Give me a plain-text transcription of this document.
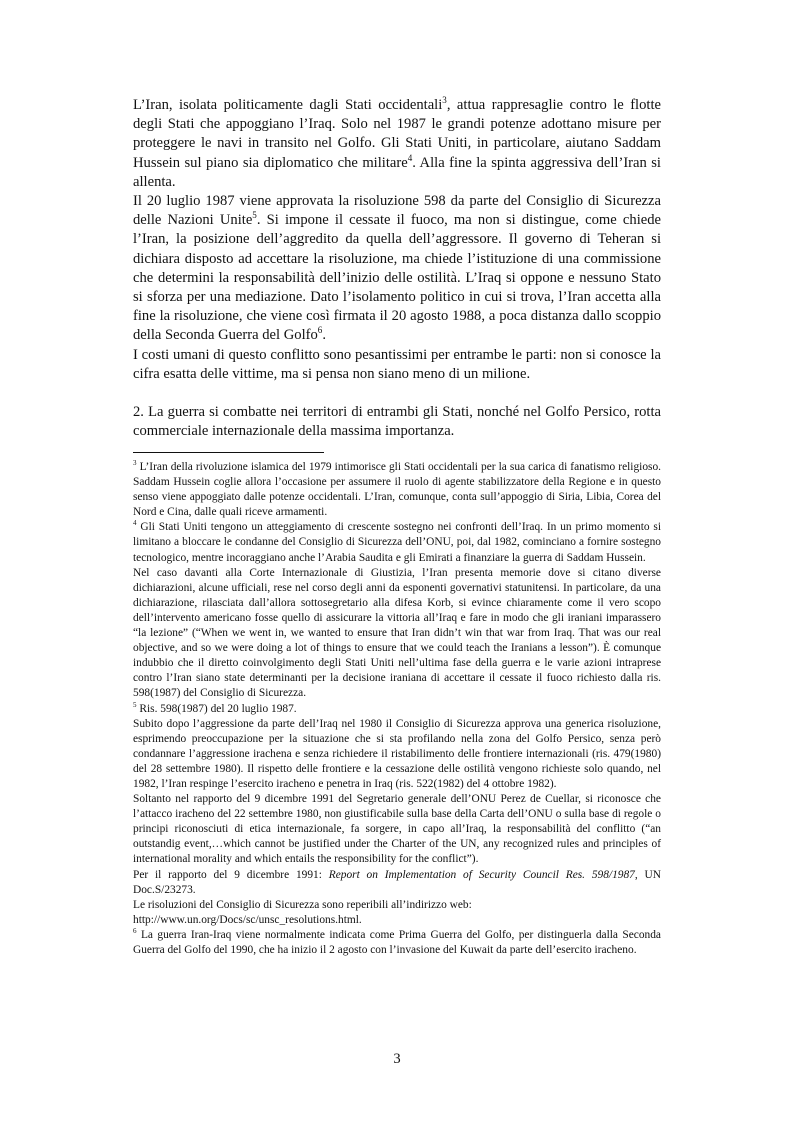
L’Iran, isolata politicamente dagli Stati occidentali$^3$, attua rappresaglie contro le flotte degli Stati che appoggiano l’Iraq. Solo nel 1987 le grandi potenze adottano misure per proteggere le navi in transito nel Golfo. Gli Stati Uniti, in particolare, aiutano Saddam Hussein sul piano sia diplomatico che militare$^4$. Alla fine la spinta aggressiva dell’Iran si allenta.

Il 20 luglio 1987 viene approvata la risoluzione 598 da parte del Consiglio di Sicurezza delle Nazioni Unite$^5$. Si impone il cessate il fuoco, ma non si distingue, come chiede l’Iran, la posizione dell’aggredito da quella dell’aggressore. Il governo di Teheran si dichiara disposto ad accettare la risoluzione, ma chiede l’istituzione di una commissione che determini la responsabilità dell’inizio delle ostilità. L’Iraq si oppone e nessuno Stato si sforza per una mediazione. Dato l’isolamento politico in cui si trova, l’Iran accetta alla fine la risoluzione, che viene così firmata il 20 agosto 1988, a poca distanza dallo scoppio della Seconda Guerra del Golfo$^6$.

I costi umani di questo conflitto sono pesantissimi per entrambe le parti: non si conosce la cifra esatta delle vittime, ma si pensa non siano meno di un milione.

2. La guerra si combatte nei territori di entrambi gli Stati, nonché nel Golfo Persico, rotta commerciale internazionale della massima importanza.

$^3$ L’Iran della rivoluzione islamica del 1979 intimorisce gli Stati occidentali per la sua carica di fanatismo religioso. Saddam Hussein coglie allora l’occasione per assumere il ruolo di agente stabilizzatore della Regione e in questo senso viene appoggiato dalle potenze occidentali. L’Iran, comunque, conta sull’appoggio di Siria, Libia, Corea del Nord e Cina, dalle quali riceve armamenti.

$^4$ Gli Stati Uniti tengono un atteggiamento di crescente sostegno nei confronti dell’Iraq. In un primo momento si limitano a bloccare le condanne del Consiglio di Sicurezza dell’ONU, poi, dal 1982, cominciano a fornire sostegno tecnologico, mentre incoraggiano anche l’Arabia Saudita e gli Emirati a finanziare la guerra di Saddam Hussein.

Nel caso davanti alla Corte Internazionale di Giustizia, l’Iran presenta memorie dove si citano diverse dichiarazioni, alcune ufficiali, rese nel corso degli anni da esponenti governativi statunitensi. In particolare, da una dichiarazione, rilasciata dall’allora sottosegretario alla difesa Korb, si evince chiaramente come il vero scopo dell’intervento americano fosse quello di assicurare la vittoria all’Iraq e fare in modo che gli iraniani imparassero “la lezione” (“When we went in, we wanted to ensure that Iran didn’t win that war from Iraq. That was our real objective, and so we were doing a lot of things to ensure that we could teach the Iranians a lesson”). È comunque indubbio che il diretto coinvolgimento degli Stati Uniti nell’ultima fase della guerra e le varie azioni intraprese contro l’Iran siano state determinanti per la decisione iraniana di accettare il cessate il fuoco richiesto dalla ris. 598(1987) del Consiglio di Sicurezza.

$^5$ Ris. 598(1987) del 20 luglio 1987.

Subito dopo l’aggressione da parte dell’Iraq nel 1980 il Consiglio di Sicurezza approva una generica risoluzione, esprimendo preoccupazione per la situazione che si sta profilando nella zona del Golfo Persico, senza però condannare l’aggressione irachena e senza richiedere il ristabilimento delle frontiere internazionali (ris. 479(1980) del 28 settembre 1980). Il rispetto delle frontiere e la cessazione delle ostilità vengono richieste solo quando, nel 1982, l’Iran respinge l’esercito iracheno e penetra in Iraq (ris. 522(1982) del 4 ottobre 1982).

Soltanto nel rapporto del 9 dicembre 1991 del Segretario generale dell’ONU Perez de Cuellar, si riconosce che l’attacco iracheno del 22 settembre 1980, non giustificabile sulla base della Carta dell’ONU o sulla base di regole o principi riconosciuti di etica internazionale, fa sorgere, in capo all’Iraq, la responsabilità del conflitto (“an outstandig event,…which cannot be justified under the Charter of the UN, any recognized rules and principles of international morality and which entails the responsibility for the conflict”).

Per il rapporto del 9 dicembre 1991: Report on Implementation of Security Council Res. 598/1987, UN Doc.S/23273.

Le risoluzioni del Consiglio di Sicurezza sono reperibili all’indirizzo web:

http://www.un.org/Docs/sc/unsc_resolutions.html.

$^6$ La guerra Iran-Iraq viene normalmente indicata come Prima Guerra del Golfo, per distinguerla dalla Seconda Guerra del Golfo del 1990, che ha inizio il 2 agosto con l’invasione del Kuwait da parte dell’esercito iracheno.

3
